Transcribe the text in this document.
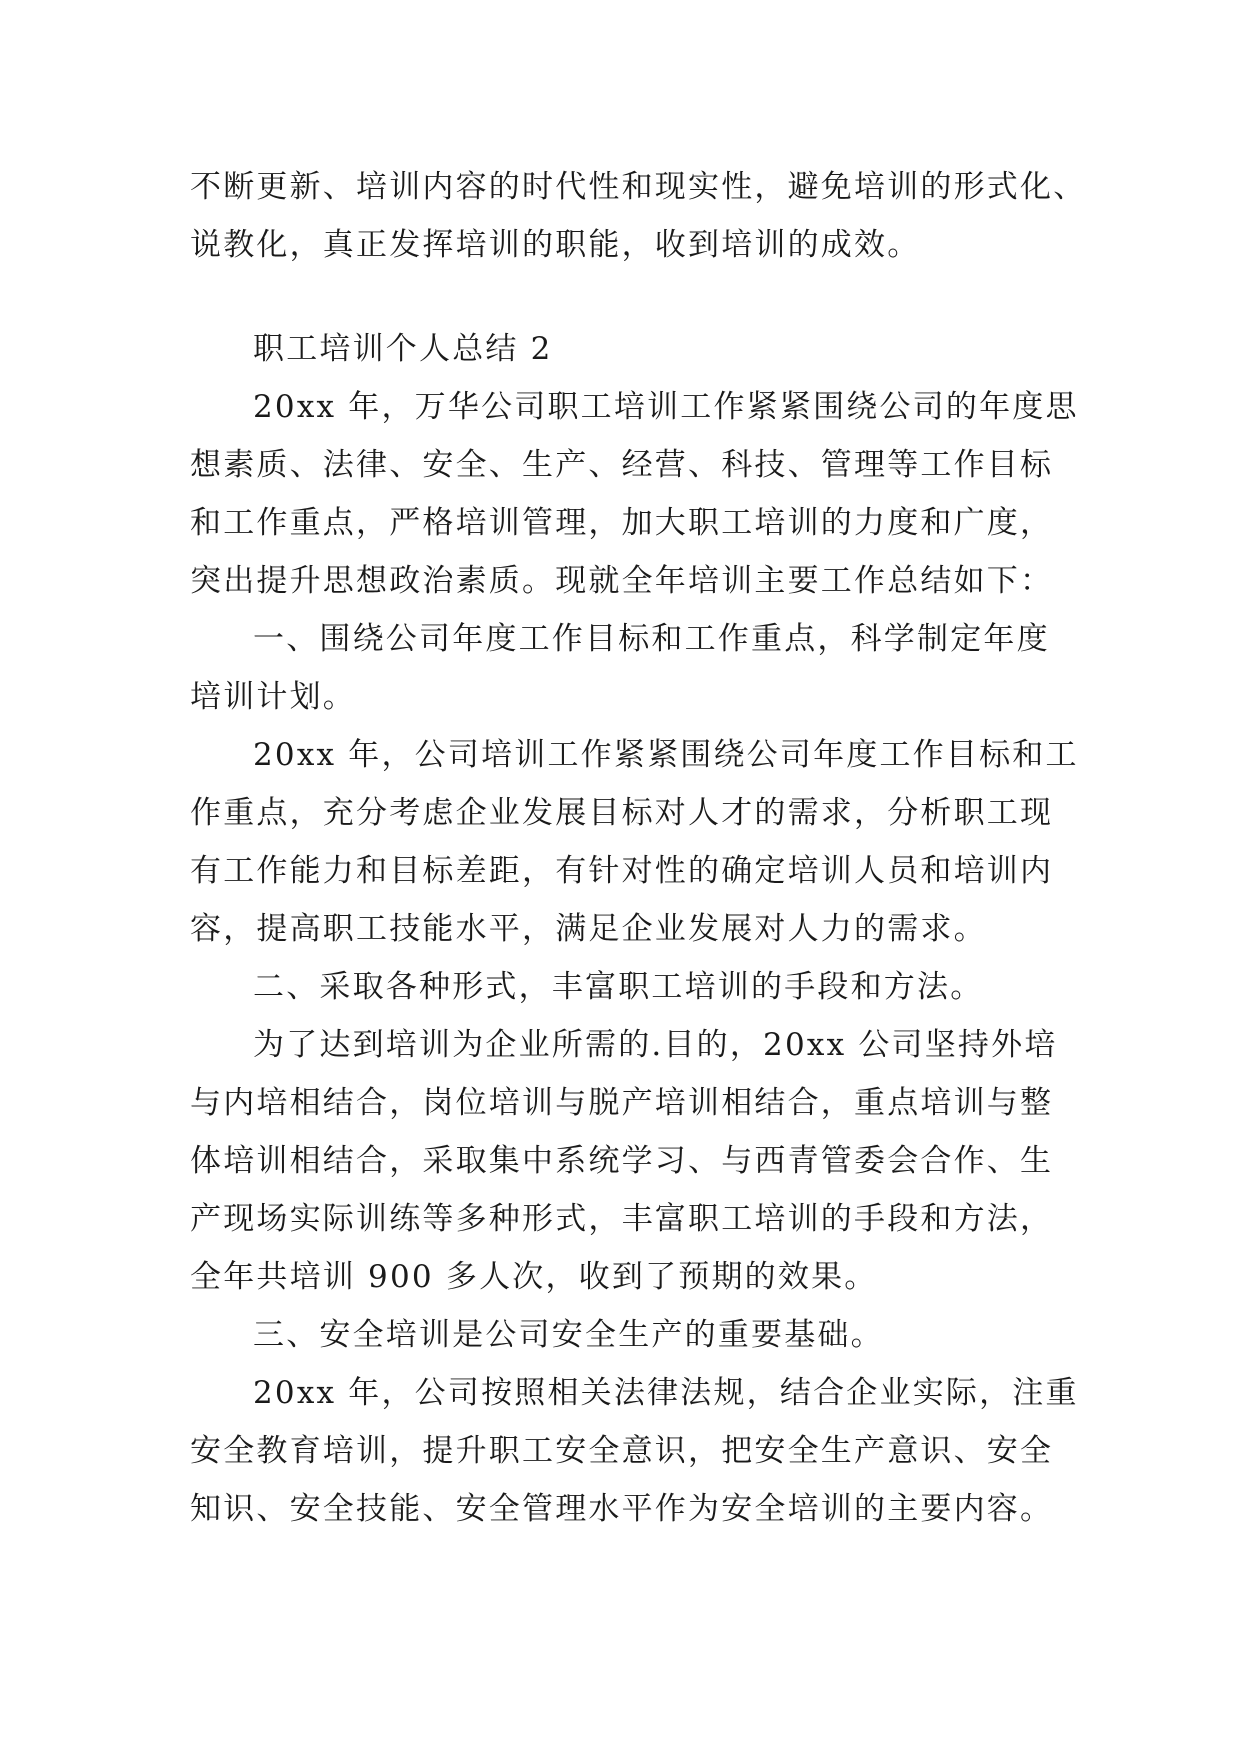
不断更新、培训内容的时代性和现实性，避免培训的形式化、
说教化，真正发挥培训的职能，收到培训的成效。

职工培训个人总结 2

20xx 年，万华公司职工培训工作紧紧围绕公司的年度思
想素质、法律、安全、生产、经营、科技、管理等工作目标
和工作重点，严格培训管理，加大职工培训的力度和广度，
突出提升思想政治素质。现就全年培训主要工作总结如下：

一、围绕公司年度工作目标和工作重点，科学制定年度
培训计划。

20xx 年，公司培训工作紧紧围绕公司年度工作目标和工
作重点，充分考虑企业发展目标对人才的需求，分析职工现
有工作能力和目标差距，有针对性的确定培训人员和培训内
容，提高职工技能水平，满足企业发展对人力的需求。

二、采取各种形式，丰富职工培训的手段和方法。

为了达到培训为企业所需的.目的，20xx 公司坚持外培
与内培相结合，岗位培训与脱产培训相结合，重点培训与整
体培训相结合，采取集中系统学习、与西青管委会合作、生
产现场实际训练等多种形式，丰富职工培训的手段和方法，
全年共培训 900 多人次，收到了预期的效果。

三、安全培训是公司安全生产的重要基础。

20xx 年，公司按照相关法律法规，结合企业实际，注重
安全教育培训，提升职工安全意识，把安全生产意识、安全
知识、安全技能、安全管理水平作为安全培训的主要内容。
